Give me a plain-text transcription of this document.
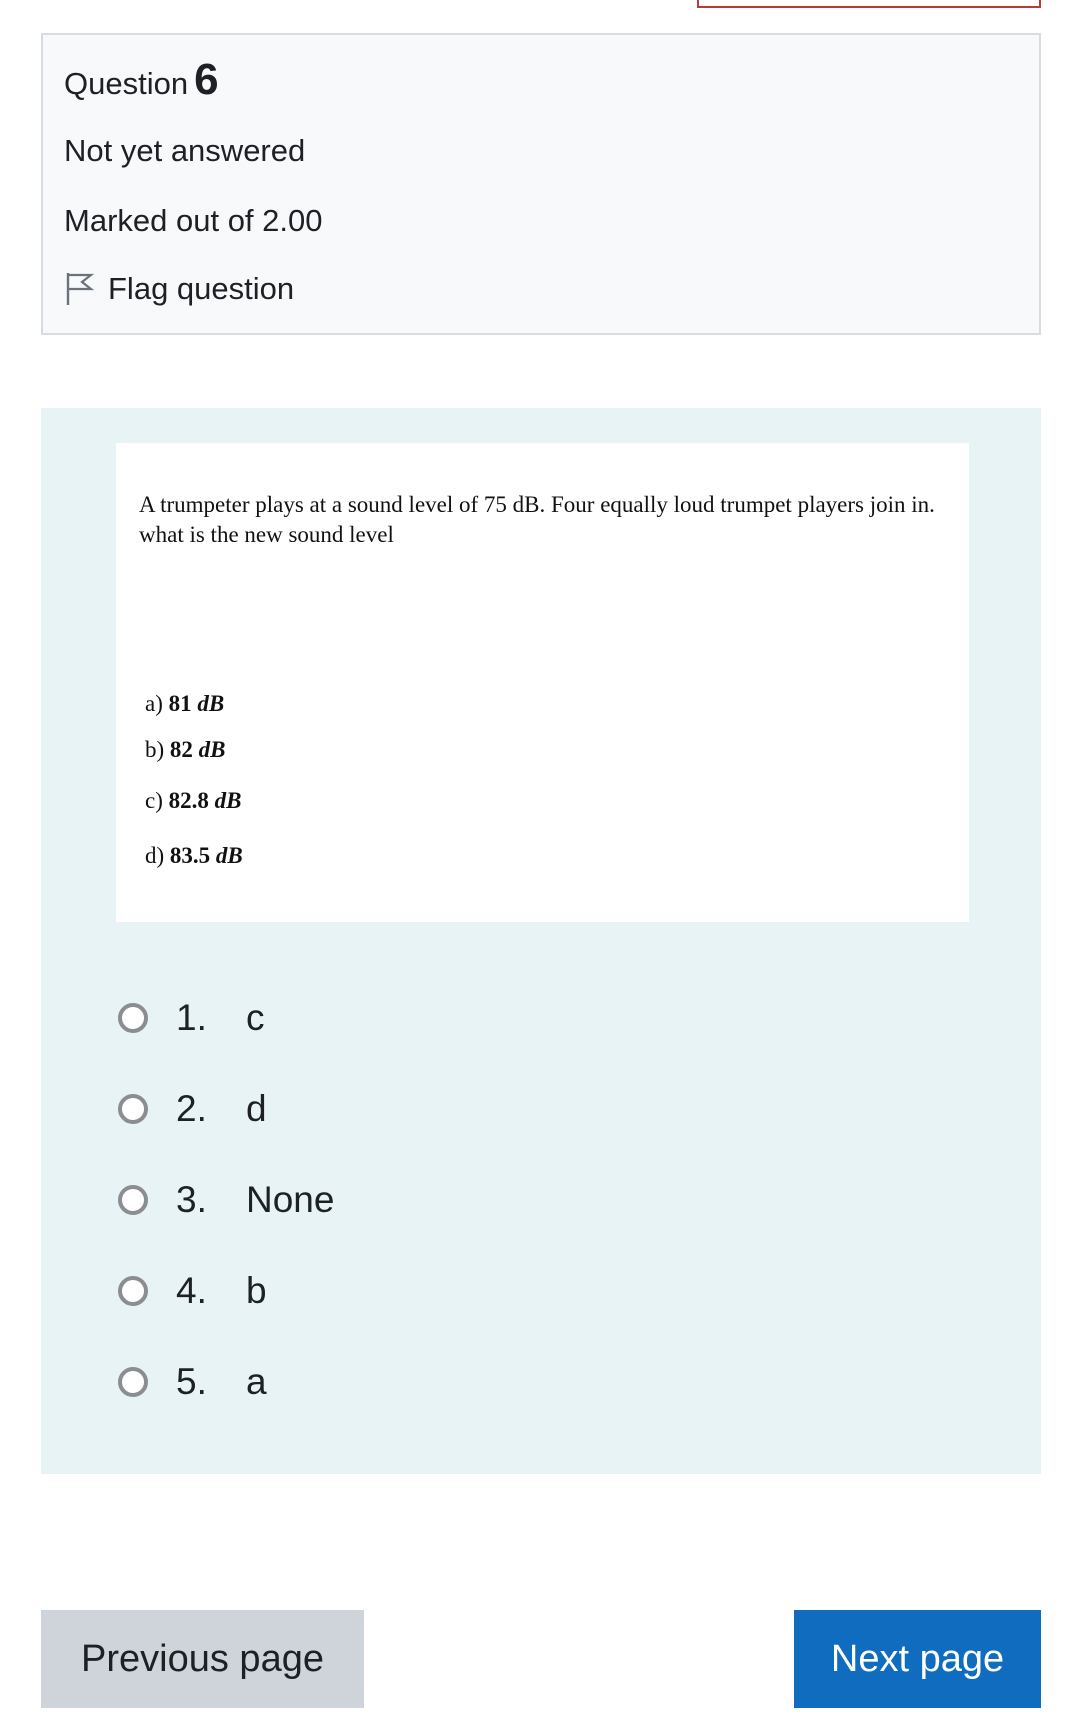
Question 6
Not yet answered
Marked out of 2.00
Flag question
A trumpeter plays at a sound level of 75 dB. Four equally loud trumpet players join in. what is the new sound level
a) 81 dB
b) 82 dB
c) 82.8 dB
d) 83.5 dB
1.	c
2.	d
3.	None
4.	b
5.	a
Previous page	Next page
